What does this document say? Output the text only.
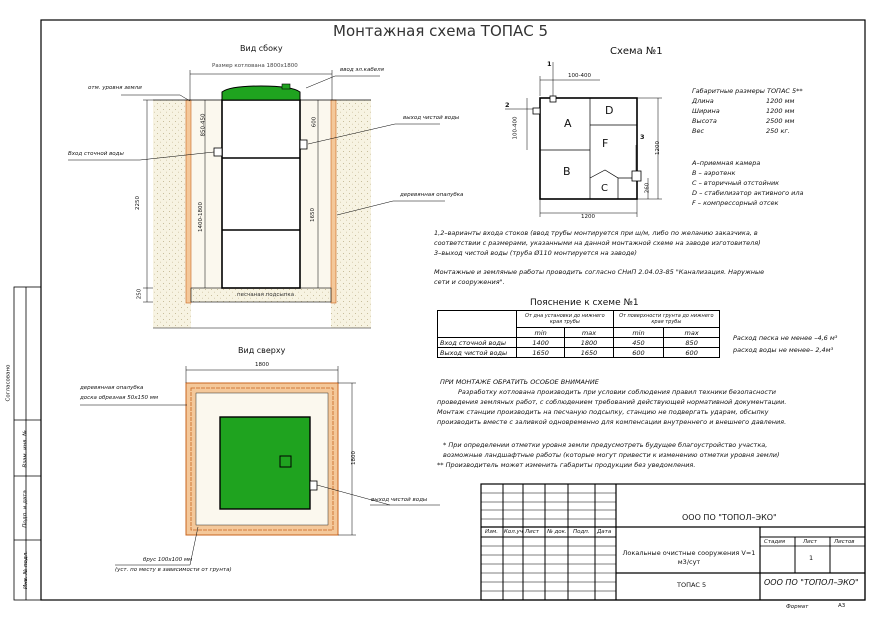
Монтажная схема ТОПАС 5
Вид сбоку
Размер котлована 1800x1800
отм. уровня земли
ввод эл.кабеля
выход чистой воды
Вход сточной воды
деревянная опалубка
песчаная подсыпка
2250
250
850-450
1400-1800
600
1650
Вид сверху
1800
1800
деревянная опалубка
доска обрезная 50х150 мм
выход чистой воды
брус 100х100 мм
(уст. по месту в зависимости от грунта)
Схема №1
100-400
100-400
1200
1200
260
1
2
3
A
D
F
B
C
Габаритные размеры ТОПАС 5**
Длина	1200 мм
Ширина	1200 мм
Высота	2500 мм
Вес	250 кг.
А–приемная камера
В – аэротенк
С – вторичный отстойник
D – стабилизатор активного ила
F – компрессорный отсек
1,2–варианты входа стоков (ввод трубы монтируется при ш/м, либо по желанию заказчика, в
соответствии с размерами, указанными на данной монтажной схеме на заводе изготовителя)
3–выход чистой воды (труба Ø110 монтируется на заводе)
Монтажные и земляные работы проводить согласно СНиП 2.04.03-85 "Канализация. Наружные
сети и сооружения".
Пояснение к схеме №1
	От дна установки до нижнего края трубы		От поверхности грунта до нижнего края трубы	
	min	max	min	max
Вход сточной воды	1400	1800	450	850
Выход чистой воды	1650	1650	600	600
Расход песка не менее –4,6 м³
расход воды не менее– 2,4м³
ПРИ МОНТАЖЕ ОБРАТИТЬ ОСОБОЕ ВНИМАНИЕ
Разработку котлована производить при условии соблюдения правил техники безопасности
проведения земляных работ, с соблюдением требований действующей нормативной документации.
Монтаж станции производить на песчаную подсыпку, станцию не подвергать ударам, обсыпку
производить вместе с заливкой одновременно для компенсации внутреннего и внешнего давления.
* При определении отметки уровня земли предусмотреть будущее благоустройство участка,
возможные ландшафтные работы (которые могут привести к изменению отметки уровня земли)
** Производитель может изменить габариты продукции без уведомления.
ООО ПО "ТОПОЛ–ЭКО"
Изм. Кол.уч Лист № док. Подп. Дата
Локальные очистные сооружения V=1 м3/сут
Стадия	Лист	Листов
1
ТОПАС 5	ООО ПО "ТОПОЛ–ЭКО"
Формат	А3
Согласовано
Взам. инв. №
Подп. и дата
Инв. № подл.
